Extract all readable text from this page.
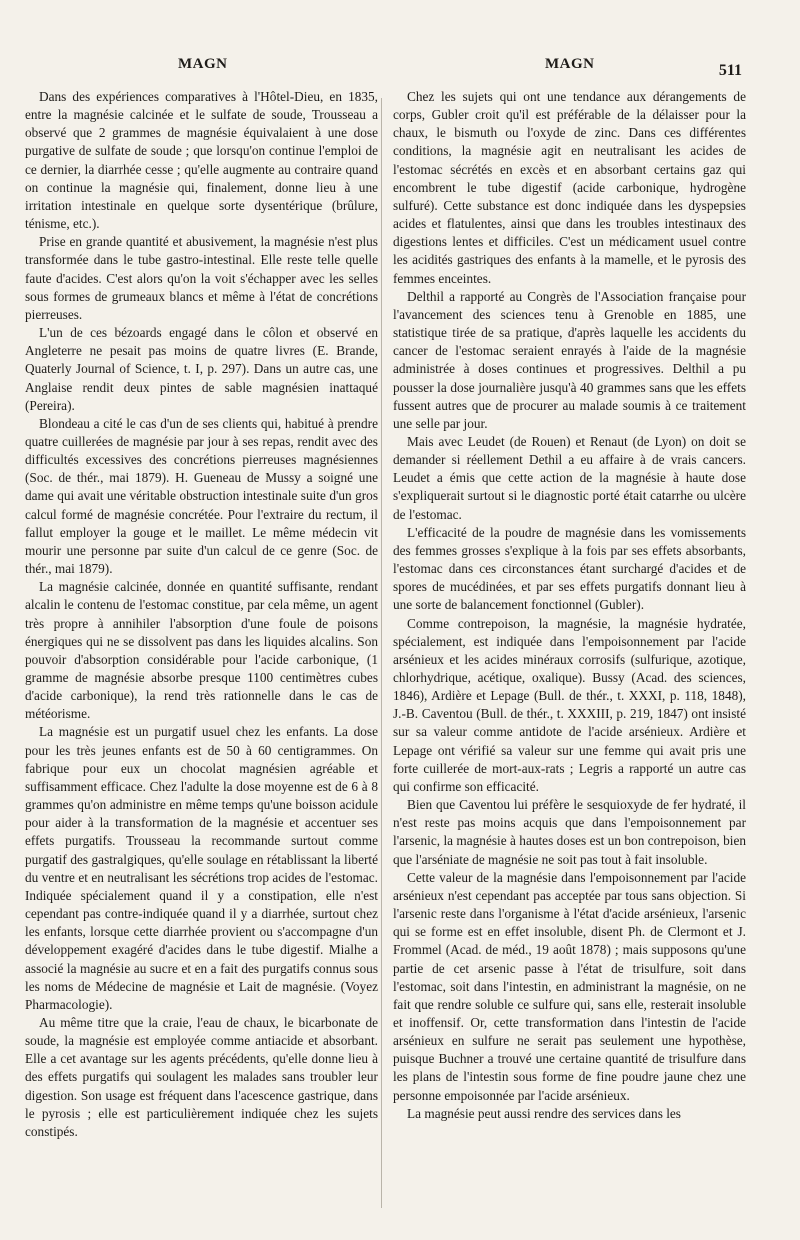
MAGN	MAGN	511

Dans des expériences comparatives à l'Hôtel-Dieu, en 1835, entre la magnésie calcinée et le sulfate de soude, Trousseau a observé que 2 grammes de magnésie équivalaient à une dose purgative de sulfate de soude ; que lorsqu'on continue l'emploi de ce dernier, la diarrhée cesse ; qu'elle augmente au contraire quand on continue la magnésie qui, finalement, donne lieu à une irritation intestinale en quelque sorte dysentérique (brûlure, ténisme, etc.).

Prise en grande quantité et abusivement, la magnésie n'est plus transformée dans le tube gastro-intestinal. Elle reste telle quelle faute d'acides. C'est alors qu'on la voit s'échapper avec les selles sous formes de grumeaux blancs et même à l'état de concrétions pierreuses.

L'un de ces bézoards engagé dans le côlon et observé en Angleterre ne pesait pas moins de quatre livres (E. Brande, Quaterly Journal of Science, t. I, p. 297). Dans un autre cas, une Anglaise rendit deux pintes de sable magnésien inattaqué (Pereira).

Blondeau a cité le cas d'un de ses clients qui, habitué à prendre quatre cuillerées de magnésie par jour à ses repas, rendit avec des difficultés excessives des concrétions pierreuses magnésiennes (Soc. de thér., mai 1879). H. Gueneau de Mussy a soigné une dame qui avait une véritable obstruction intestinale suite d'un gros calcul formé de magnésie concrétée. Pour l'extraire du rectum, il fallut employer la gouge et le maillet. Le même médecin vit mourir une personne par suite d'un calcul de ce genre (Soc. de thér., mai 1879).

La magnésie calcinée, donnée en quantité suffisante, rendant alcalin le contenu de l'estomac constitue, par cela même, un agent très propre à annihiler l'absorption d'une foule de poisons énergiques qui ne se dissolvent pas dans les liquides alcalins. Son pouvoir d'absorption considérable pour l'acide carbonique, (1 gramme de magnésie absorbe presque 1100 centimètres cubes d'acide carbonique), la rend très rationnelle dans le cas de météorisme.

La magnésie est un purgatif usuel chez les enfants. La dose pour les très jeunes enfants est de 50 à 60 centigrammes. On fabrique pour eux un chocolat magnésien agréable et suffisamment efficace. Chez l'adulte la dose moyenne est de 6 à 8 grammes qu'on administre en même temps qu'une boisson acidule pour aider à la transformation de la magnésie et accentuer ses effets purgatifs. Trousseau la recommande surtout comme purgatif des gastralgiques, qu'elle soulage en rétablissant la liberté du ventre et en neutralisant les sécrétions trop acides de l'estomac. Indiquée spécialement quand il y a constipation, elle n'est cependant pas contre-indiquée quand il y a diarrhée, surtout chez les enfants, lorsque cette diarrhée provient ou s'accompagne d'un développement exagéré d'acides dans le tube digestif. Mialhe a associé la magnésie au sucre et en a fait des purgatifs connus sous les noms de Médecine de magnésie et Lait de magnésie. (Voyez Pharmacologie).

Au même titre que la craie, l'eau de chaux, le bicarbonate de soude, la magnésie est employée comme antiacide et absorbant. Elle a cet avantage sur les agents précédents, qu'elle donne lieu à des effets purgatifs qui soulagent les malades sans troubler leur digestion. Son usage est fréquent dans l'acescence gastrique, dans le pyrosis ; elle est particulièrement indiquée chez les sujets constipés.

Chez les sujets qui ont une tendance aux dérangements de corps, Gubler croit qu'il est préférable de la délaisser pour la chaux, le bismuth ou l'oxyde de zinc. Dans ces différentes conditions, la magnésie agit en neutralisant les acides de l'estomac sécrétés en excès et en absorbant certains gaz qui encombrent le tube digestif (acide carbonique, hydrogène sulfuré). Cette substance est donc indiquée dans les dyspepsies acides et flatulentes, ainsi que dans les troubles intestinaux des digestions lentes et difficiles. C'est un médicament usuel contre les acidités gastriques des enfants à la mamelle, et le pyrosis des femmes enceintes.

Delthil a rapporté au Congrès de l'Association française pour l'avancement des sciences tenu à Grenoble en 1885, une statistique tirée de sa pratique, d'après laquelle les accidents du cancer de l'estomac seraient enrayés à l'aide de la magnésie administrée à doses continues et progressives. Delthil a pu pousser la dose journalière jusqu'à 40 grammes sans que les effets fussent autres que de procurer au malade soumis à ce traitement une selle par jour.

Mais avec Leudet (de Rouen) et Renaut (de Lyon) on doit se demander si réellement Dethil a eu affaire à de vrais cancers. Leudet a émis que cette action de la magnésie à haute dose s'expliquerait surtout si le diagnostic porté était catarrhe ou ulcère de l'estomac.

L'efficacité de la poudre de magnésie dans les vomissements des femmes grosses s'explique à la fois par ses effets absorbants, l'estomac dans ces circonstances étant surchargé d'acides et de spores de mucédinées, et par ses effets purgatifs donnant lieu à une sorte de balancement fonctionnel (Gubler).

Comme contrepoison, la magnésie, la magnésie hydratée, spécialement, est indiquée dans l'empoisonnement par l'acide arsénieux et les acides minéraux corrosifs (sulfurique, azotique, chlorhydrique, acétique, oxalique). Bussy (Acad. des sciences, 1846), Ardière et Lepage (Bull. de thér., t. XXXI, p. 118, 1848), J.-B. Caventou (Bull. de thér., t. XXXIII, p. 219, 1847) ont insisté sur sa valeur comme antidote de l'acide arsénieux. Ardière et Lepage ont vérifié sa valeur sur une femme qui avait pris une forte cuillerée de mort-aux-rats ; Legris a rapporté un autre cas qui confirme son efficacité.

Bien que Caventou lui préfère le sesquioxyde de fer hydraté, il n'est reste pas moins acquis que dans l'empoisonnement par l'arsenic, la magnésie à hautes doses est un bon contrepoison, bien que l'arséniate de magnésie ne soit pas tout à fait insoluble.

Cette valeur de la magnésie dans l'empoisonnement par l'acide arsénieux n'est cependant pas acceptée par tous sans objection. Si l'arsenic reste dans l'organisme à l'état d'acide arsénieux, l'arsenic qui se forme est en effet insoluble, disent Ph. de Clermont et J. Frommel (Acad. de méd., 19 août 1878) ; mais supposons qu'une partie de cet arsenic passe à l'état de trisulfure, soit dans l'estomac, soit dans l'intestin, en administrant la magnésie, on ne fait que rendre soluble ce sulfure qui, sans elle, resterait insoluble et inoffensif. Or, cette transformation dans l'intestin de l'acide arsénieux en sulfure ne serait pas seulement une hypothèse, puisque Buchner a trouvé une certaine quantité de trisulfure dans les plans de l'intestin sous forme de fine poudre jaune chez une personne empoisonnée par l'acide arsénieux.

La magnésie peut aussi rendre des services dans les
